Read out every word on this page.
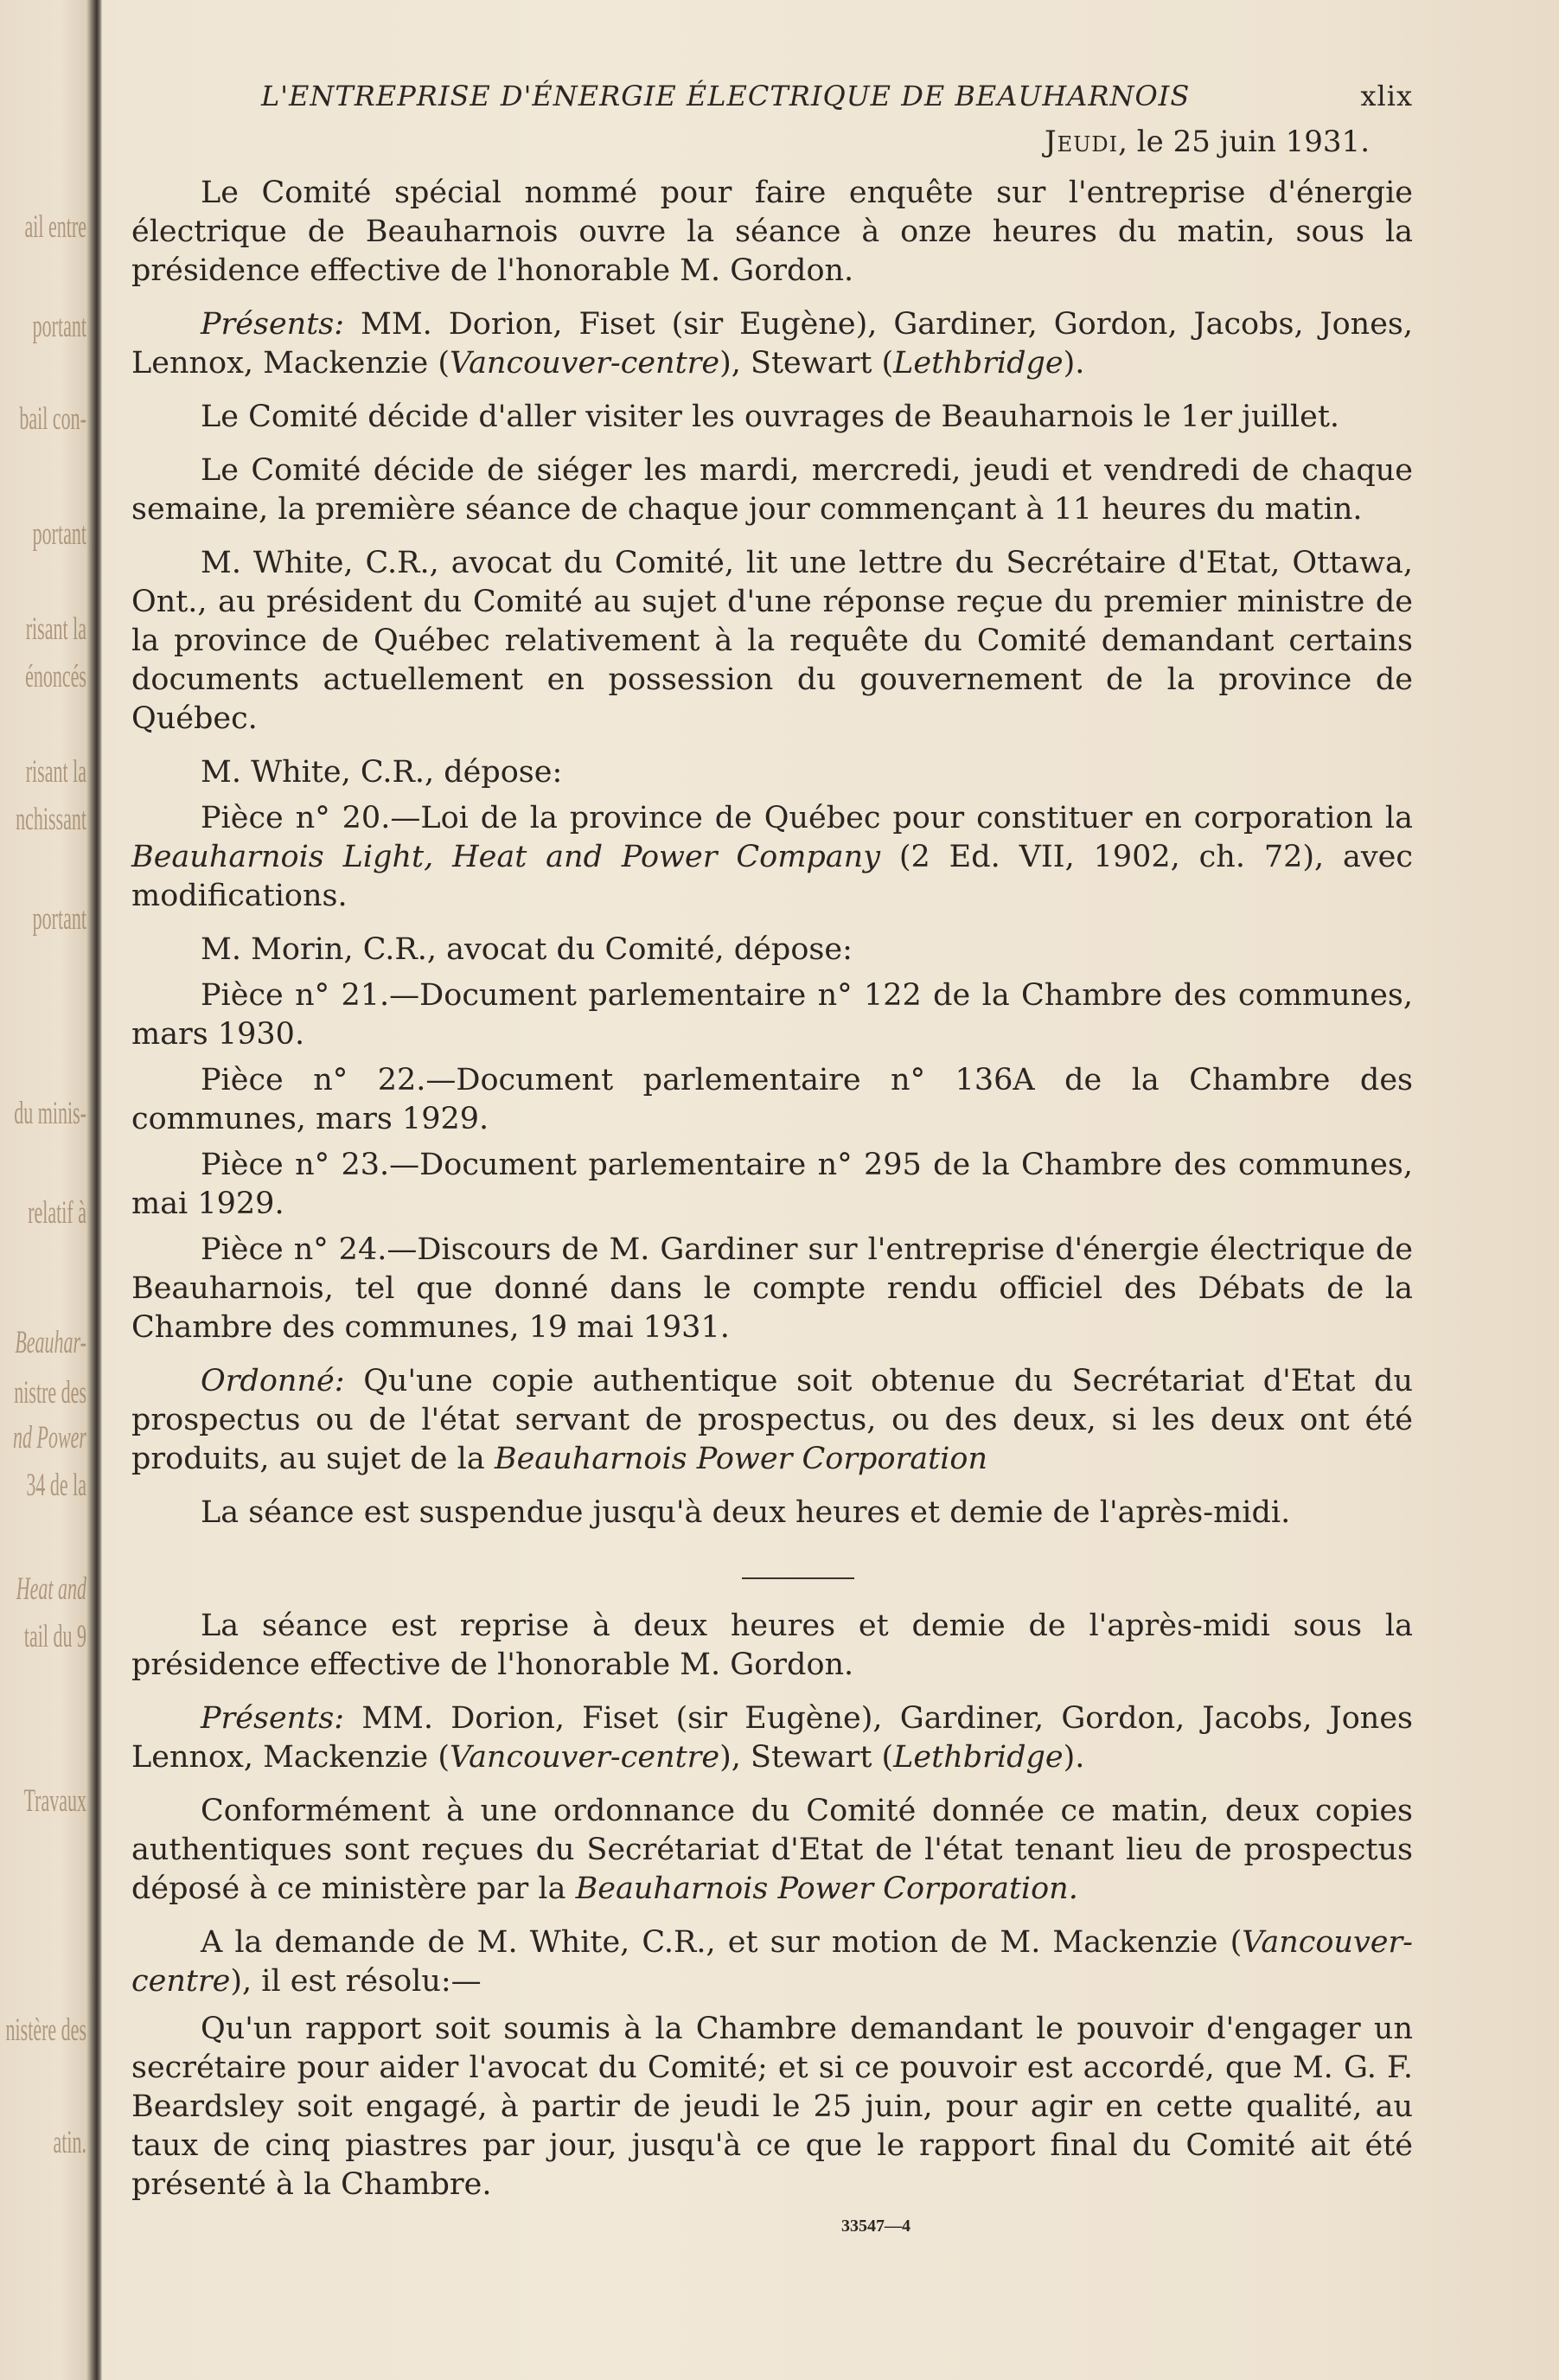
ail entre
portant
bail con-
portant
risant la
énoncés
risant la
nchissant
portant
du minis-
relatif à
Beauhar-
nistre des
nd Power
34 de la
Heat and
tail du 9
Travaux
nistère des
atin.
L'ENTREPRISE D'ÉNERGIE ÉLECTRIQUE DE BEAUHARNOIS	xlix
Jeudi, le 25 juin 1931.

Le Comité spécial nommé pour faire enquête sur l'entreprise d'énergie électrique de Beauharnois ouvre la séance à onze heures du matin, sous la présidence effective de l'honorable M. Gordon.

Présents: MM. Dorion, Fiset (sir Eugène), Gardiner, Gordon, Jacobs, Jones, Lennox, Mackenzie (Vancouver-centre), Stewart (Lethbridge).

Le Comité décide d'aller visiter les ouvrages de Beauharnois le 1er juillet.

Le Comité décide de siéger les mardi, mercredi, jeudi et vendredi de chaque semaine, la première séance de chaque jour commençant à 11 heures du matin.

M. White, C.R., avocat du Comité, lit une lettre du Secrétaire d'Etat, Ottawa, Ont., au président du Comité au sujet d'une réponse reçue du premier ministre de la province de Québec relativement à la requête du Comité demandant certains documents actuellement en possession du gouvernement de la province de Québec.

M. White, C.R., dépose:

Pièce n° 20.—Loi de la province de Québec pour constituer en corporation la Beauharnois Light, Heat and Power Company (2 Ed. VII, 1902, ch. 72), avec modifications.

M. Morin, C.R., avocat du Comité, dépose:

Pièce n° 21.—Document parlementaire n° 122 de la Chambre des communes, mars 1930.

Pièce n° 22.—Document parlementaire n° 136A de la Chambre des communes, mars 1929.

Pièce n° 23.—Document parlementaire n° 295 de la Chambre des communes, mai 1929.

Pièce n° 24.—Discours de M. Gardiner sur l'entreprise d'énergie électrique de Beauharnois, tel que donné dans le compte rendu officiel des Débats de la Chambre des communes, 19 mai 1931.

Ordonné: Qu'une copie authentique soit obtenue du Secrétariat d'Etat du prospectus ou de l'état servant de prospectus, ou des deux, si les deux ont été produits, au sujet de la Beauharnois Power Corporation

La séance est suspendue jusqu'à deux heures et demie de l'après-midi.

La séance est reprise à deux heures et demie de l'après-midi sous la présidence effective de l'honorable M. Gordon.

Présents: MM. Dorion, Fiset (sir Eugène), Gardiner, Gordon, Jacobs, Jones Lennox, Mackenzie (Vancouver-centre), Stewart (Lethbridge).

Conformément à une ordonnance du Comité donnée ce matin, deux copies authentiques sont reçues du Secrétariat d'Etat de l'état tenant lieu de prospectus déposé à ce ministère par la Beauharnois Power Corporation.

A la demande de M. White, C.R., et sur motion de M. Mackenzie (Vancouver-centre), il est résolu:—

Qu'un rapport soit soumis à la Chambre demandant le pouvoir d'engager un secrétaire pour aider l'avocat du Comité; et si ce pouvoir est accordé, que M. G. F. Beardsley soit engagé, à partir de jeudi le 25 juin, pour agir en cette qualité, au taux de cinq piastres par jour, jusqu'à ce que le rapport final du Comité ait été présenté à la Chambre.

33547—4
